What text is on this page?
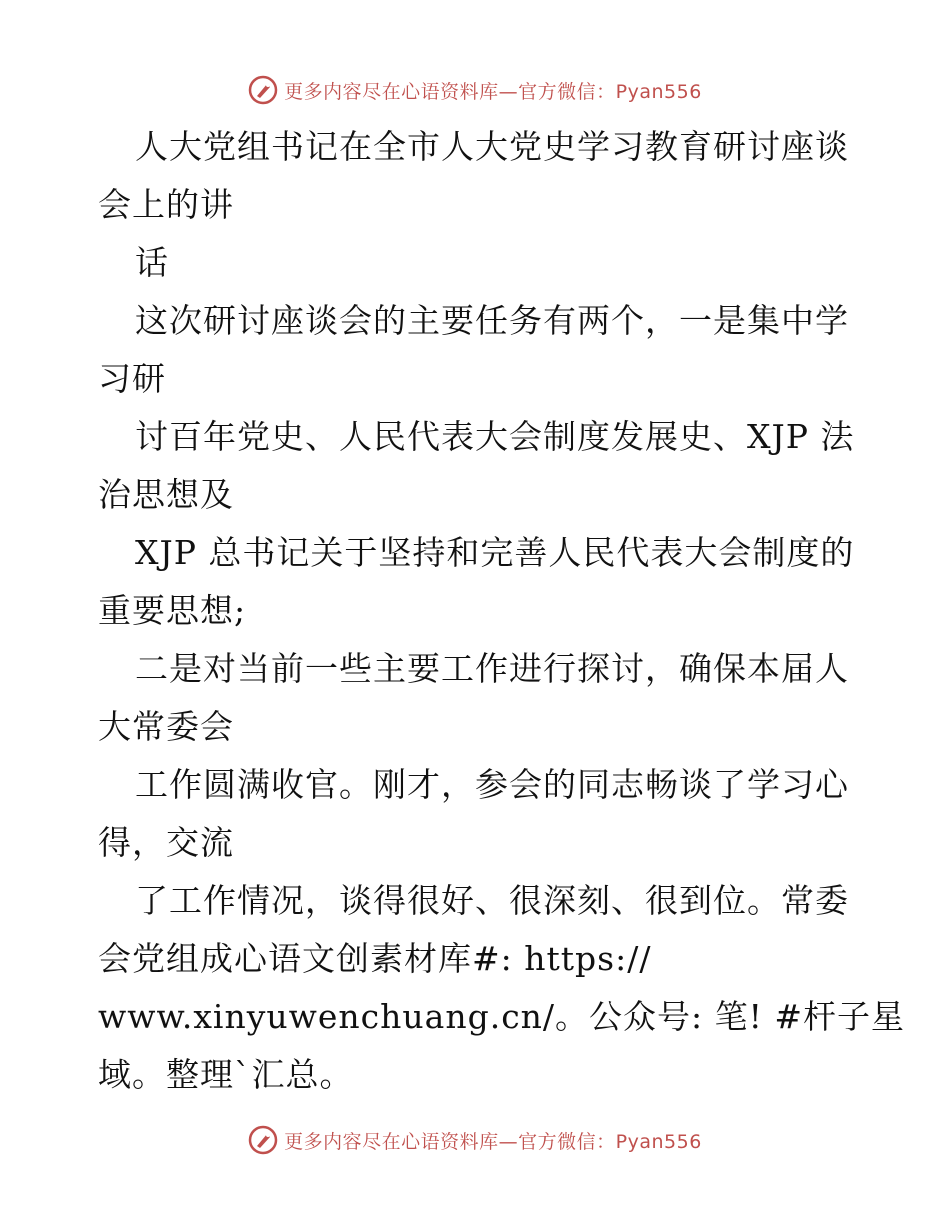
更多内容尽在心语资料库—官方微信：Pyan556
人大党组书记在全市人大党史学习教育研讨座谈
会上的讲
话
这次研讨座谈会的主要任务有两个，一是集中学
习研
讨百年党史、人民代表大会制度发展史、XJP 法
治思想及
XJP 总书记关于坚持和完善人民代表大会制度的
重要思想;
二是对当前一些主要工作进行探讨，确保本届人
大常委会
工作圆满收官。刚才，参会的同志畅谈了学习心
得，交流
了工作情况，谈得很好、很深刻、很到位。常委
会党组成心语文创素材库#: https://
www.xinyuwenchuang.cn/。公众号: 笔! #杆子星
域。整理`汇总。
更多内容尽在心语资料库—官方微信：Pyan556
